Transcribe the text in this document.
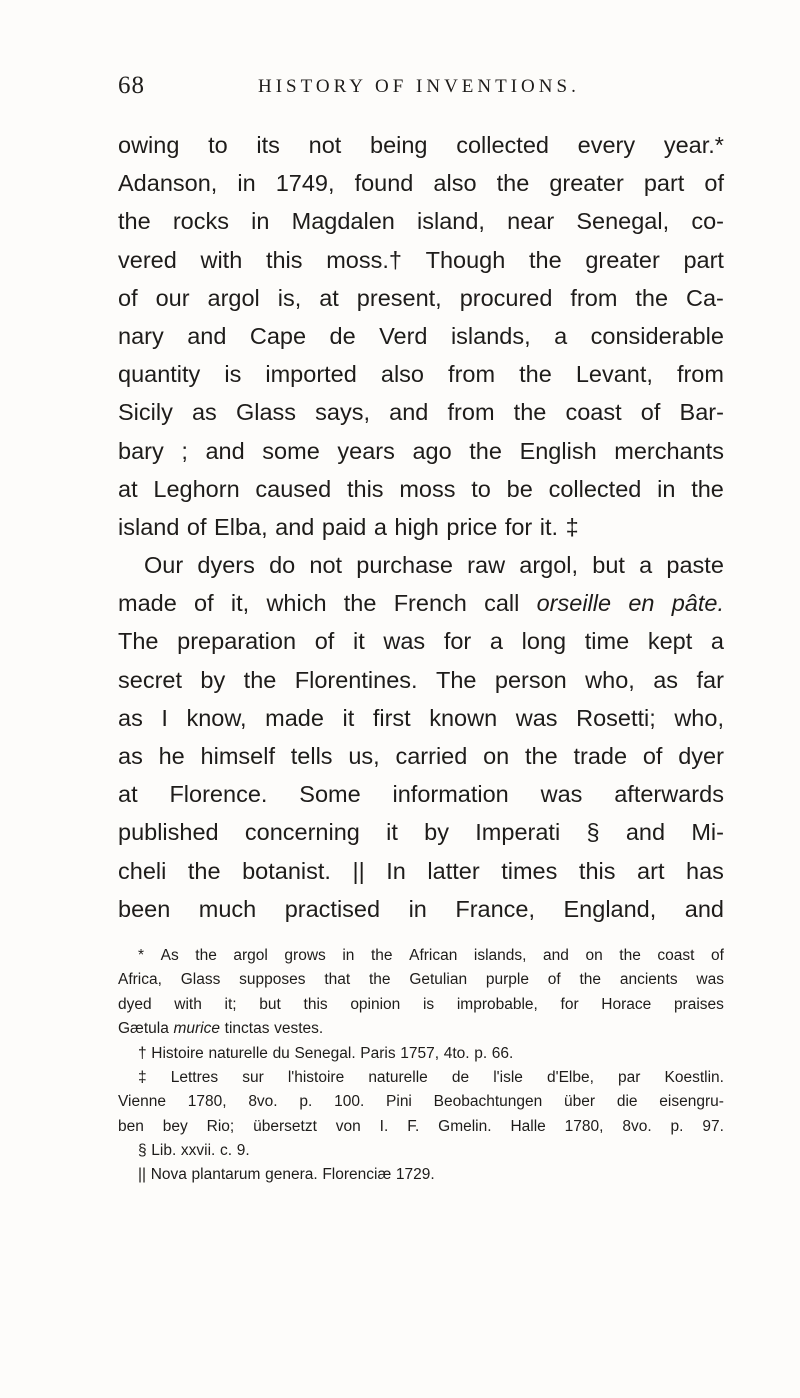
68	HISTORY OF INVENTIONS.
owing to its not being collected every year.*
Adanson, in 1749, found also the greater part of
the rocks in Magdalen island, near Senegal, co-
vered with this moss.† Though the greater part
of our argol is, at present, procured from the Ca-
nary and Cape de Verd islands, a considerable
quantity is imported also from the Levant, from
Sicily as Glass says, and from the coast of Bar-
bary ; and some years ago the English merchants
at Leghorn caused this moss to be collected in the
island of Elba, and paid a high price for it. ‡
Our dyers do not purchase raw argol, but a paste
made of it, which the French call orseille en pâte.
The preparation of it was for a long time kept a
secret by the Florentines. The person who, as far
as I know, made it first known was Rosetti; who,
as he himself tells us, carried on the trade of dyer
at Florence. Some information was afterwards
published concerning it by Imperati § and Mi-
cheli the botanist. || In latter times this art has
been much practised in France, England, and
* As the argol grows in the African islands, and on the coast of
Africa, Glass supposes that the Getulian purple of the ancients was
dyed with it; but this opinion is improbable, for Horace praises
Gætula murice tinctas vestes.
† Histoire naturelle du Senegal. Paris 1757, 4to. p. 66.
‡ Lettres sur l'histoire naturelle de l'isle d'Elbe, par Koestlin.
Vienne 1780, 8vo. p. 100. Pini Beobachtungen über die eisengru-
ben bey Rio; übersetzt von I. F. Gmelin. Halle 1780, 8vo. p. 97.
§ Lib. xxvii. c. 9.
|| Nova plantarum genera. Florenciæ 1729.
